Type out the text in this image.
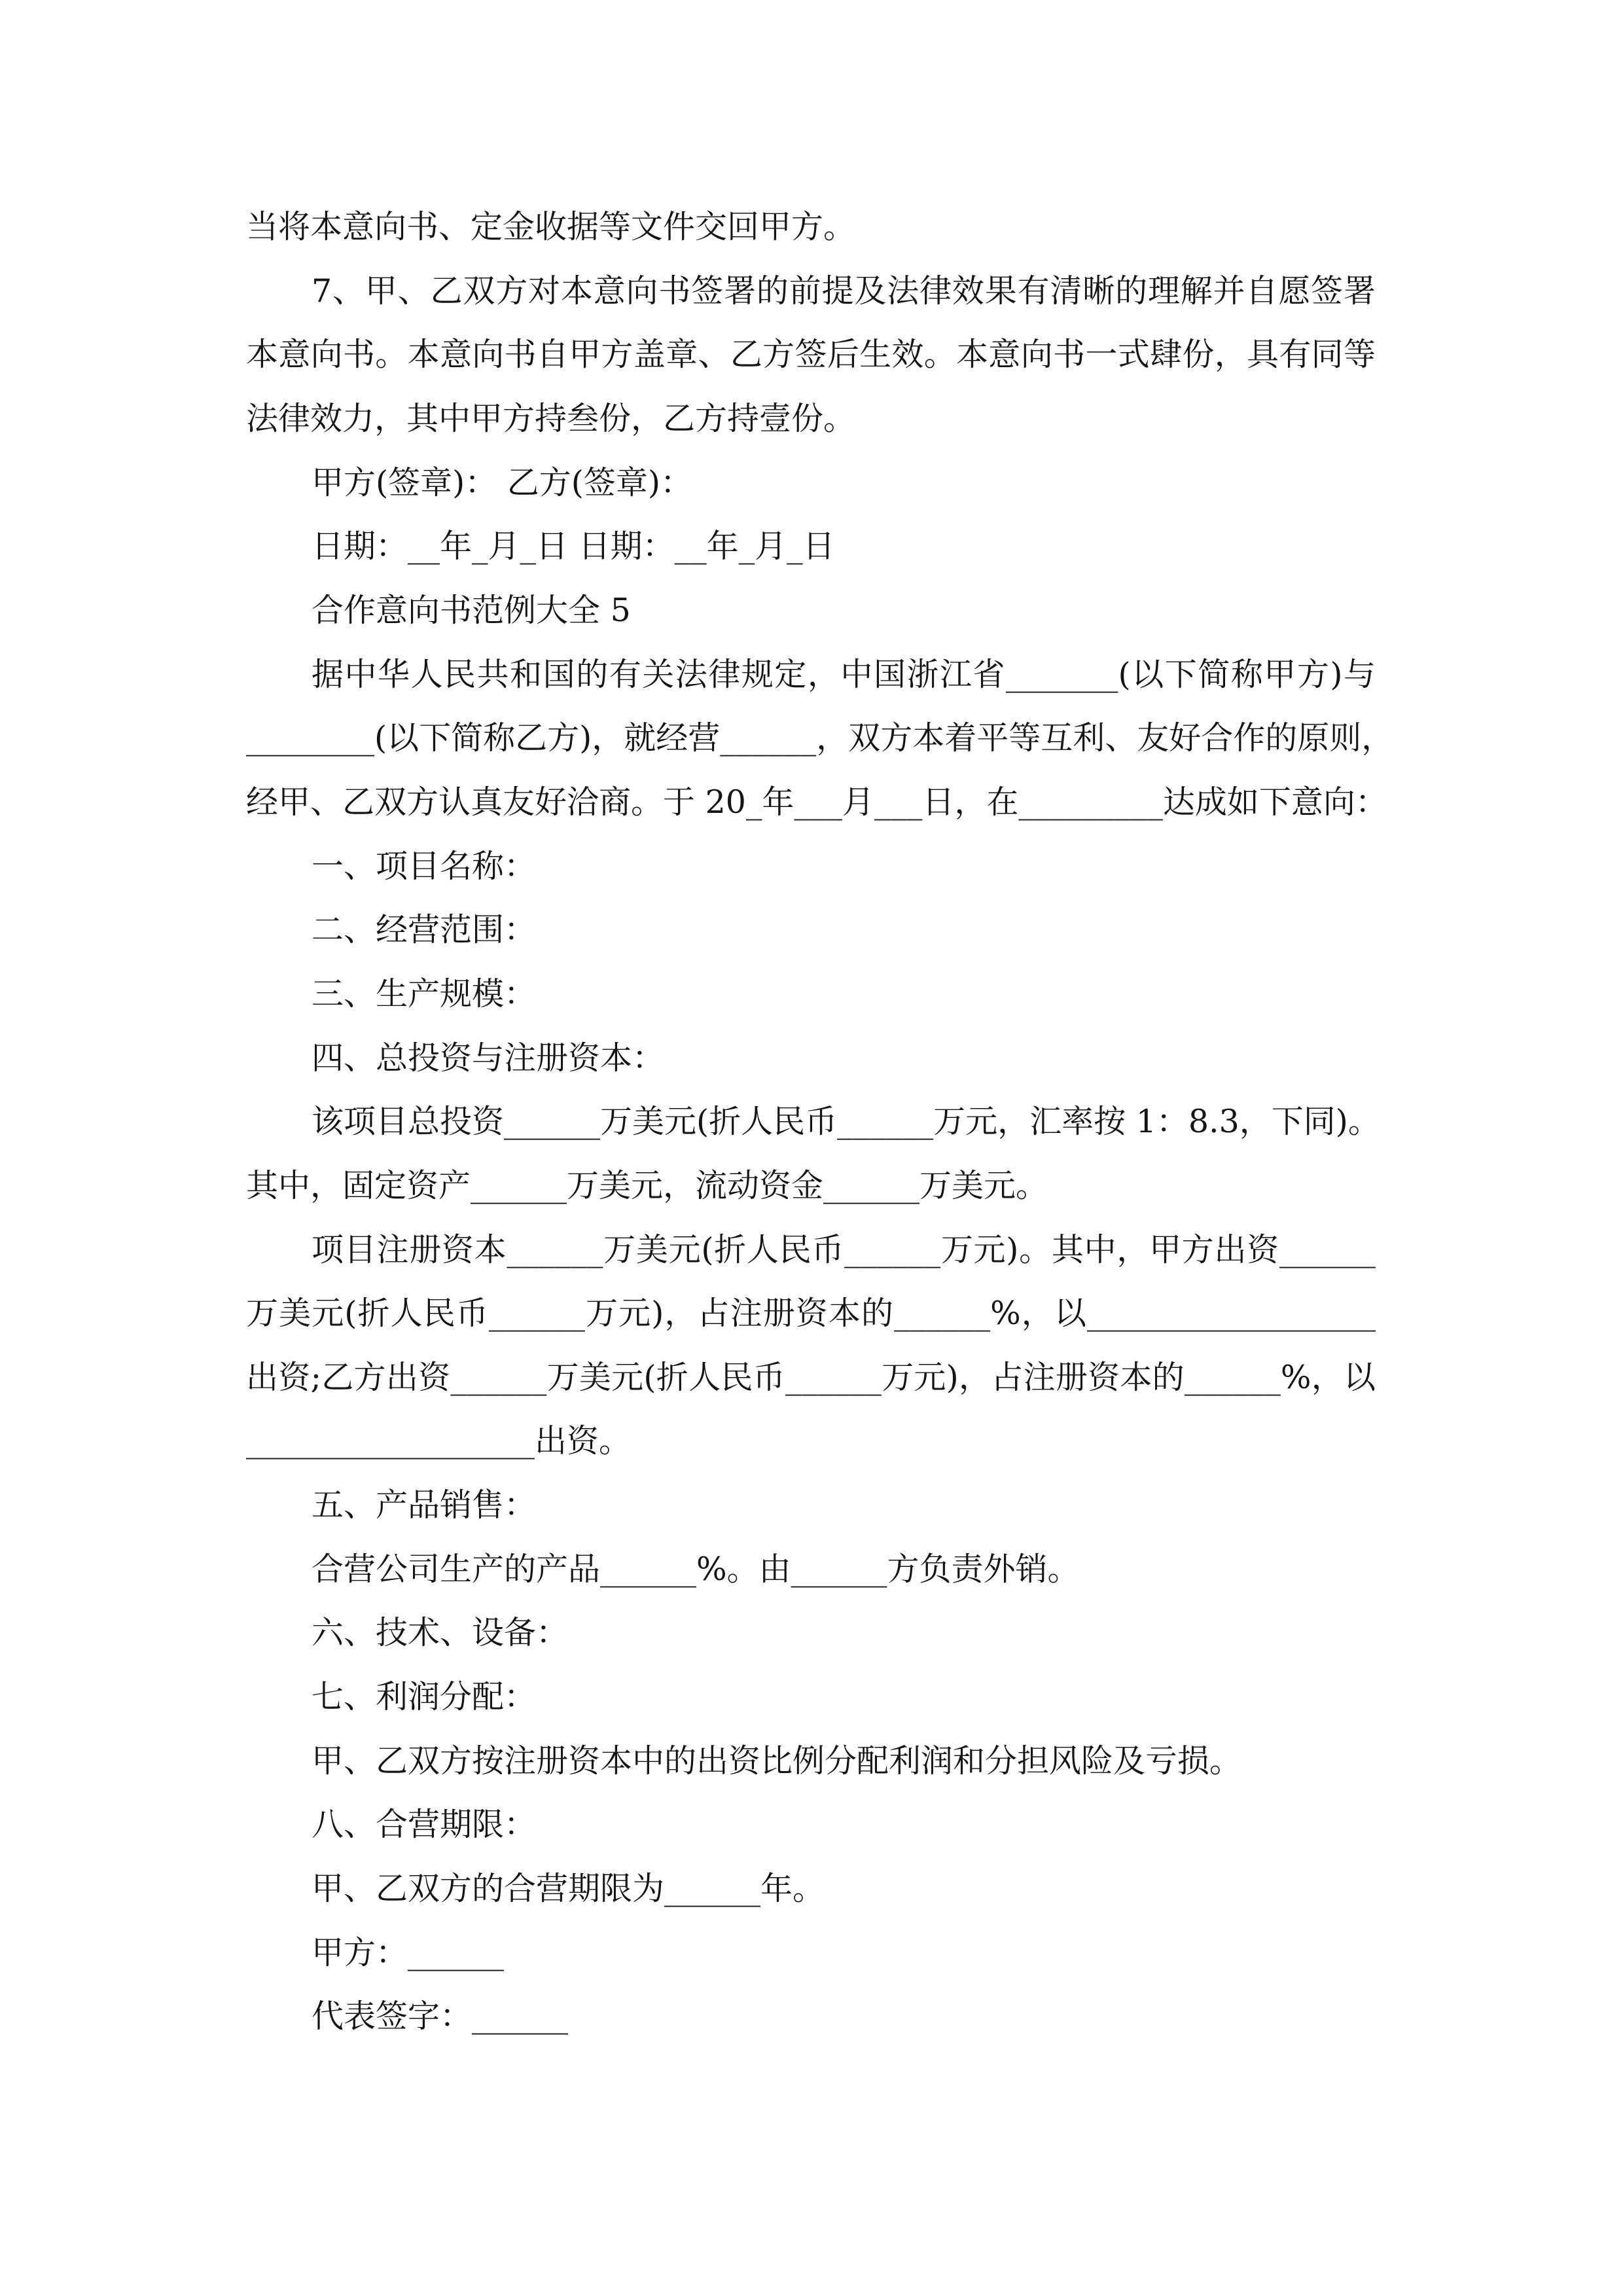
当将本意向书、定金收据等文件交回甲方。
7、甲、乙双方对本意向书签署的前提及法律效果有清晰的理解并自愿签署
本意向书。本意向书自甲方盖章、乙方签后生效。本意向书一式肆份，具有同等
法律效力，其中甲方持叁份，乙方持壹份。
甲方(签章)： 乙方(签章)：
日期：__年_月_日 日期：__年_月_日
合作意向书范例大全 5
据中华人民共和国的有关法律规定，中国浙江省_______(以下简称甲方)与
________(以下简称乙方)，就经营______，双方本着平等互利、友好合作的原则，
经甲、乙双方认真友好洽商。于 20_年___月___日，在_________达成如下意向：
一、项目名称：
二、经营范围：
三、生产规模：
四、总投资与注册资本：
该项目总投资______万美元(折人民币______万元，汇率按 1：8.3，下同)。
其中，固定资产______万美元，流动资金______万美元。
项目注册资本______万美元(折人民币______万元)。其中，甲方出资______
万美元(折人民币______万元)，占注册资本的______%，以__________________
出资;乙方出资______万美元(折人民币______万元)，占注册资本的______%，以
__________________出资。
五、产品销售：
合营公司生产的产品______%。由______方负责外销。
六、技术、设备：
七、利润分配：
甲、乙双方按注册资本中的出资比例分配利润和分担风险及亏损。
八、合营期限：
甲、乙双方的合营期限为______年。
甲方：______
代表签字：______
